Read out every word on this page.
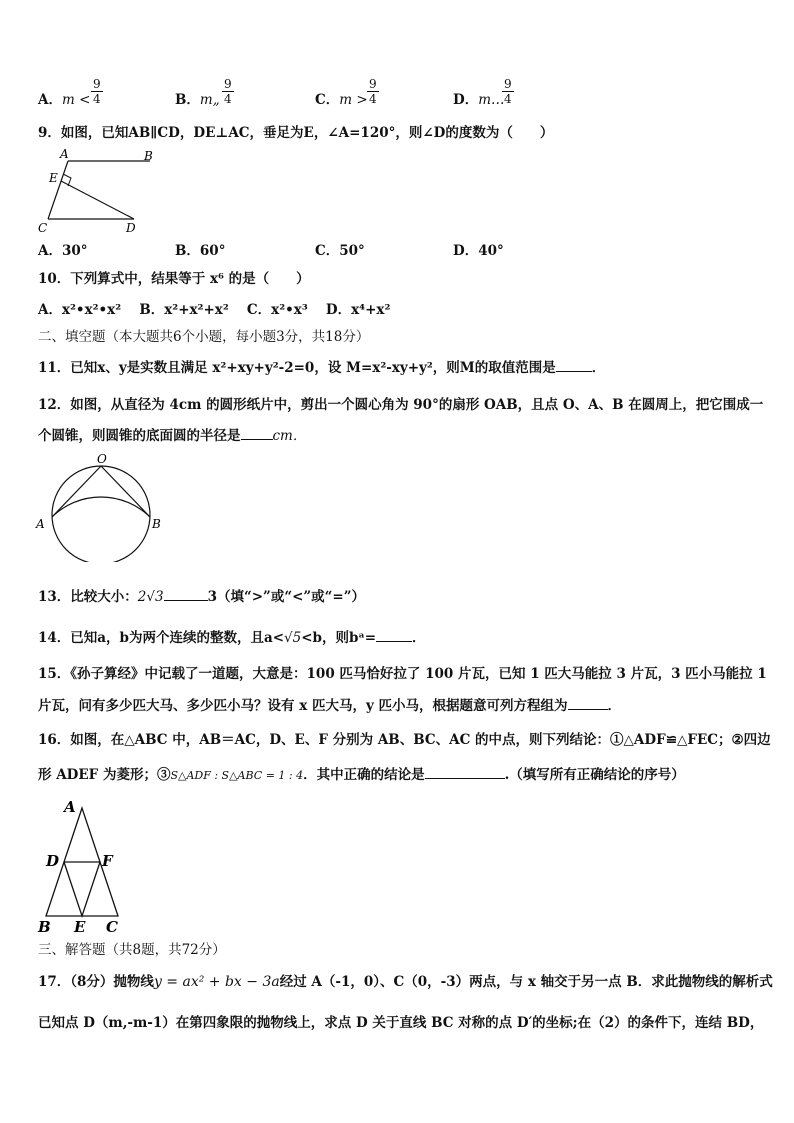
A．$m < \frac{9}{4}$	B．m„ $\frac{9}{4}$	C．$m > \frac{9}{4}$	D．m…
$\frac{9}{4}$
9．如图，已知AB∥CD，DE⊥AC，垂足为E，∠A=120°，则∠D的度数为（　　）
A	B
E
C	D
A．30°	B．60°	C．50°	D．40°
10．下列算式中，结果等于 x⁶ 的是（　　）
A．x²•x²•x²　 B．x²+x²+x²　 C．x²•x³　 D．x⁴+x²
二、填空题（本大题共6个小题，每小题3分，共18分）
11．已知x、y是实数且满足 x²+xy+y²-2=0，设 M=x²-xy+y²，则M的取值范围是	．
12．如图，从直径为 4cm 的圆形纸片中，剪出一个圆心角为 90°的扇形 OAB，且点 O、A、B 在圆周上，把它围成一
个圆锥，则圆锥的底面圆的半径是 cm．
O
A	B
13．比较大小：2√3	3（填“>”或“<”或“=”）
14．已知a，b为两个连续的整数，且a<√5<b，则bᵃ=	．
15．《孙子算经》中记载了一道题，大意是：100 匹马恰好拉了 100 片瓦，已知 1 匹大马能拉 3 片瓦，3 匹小马能拉 1
片瓦，问有多少匹大马、多少匹小马？设有 x 匹大马，y 匹小马，根据题意可列方程组为	．
16．如图，在△ABC 中，AB＝AC，D、E、F 分别为 AB、BC、AC 的中点，则下列结论：①△ADF≌△FEC；②四边
形 ADEF 为菱形；③S△ADF : S△ABC = 1 : 4．其中正确的结论是	.（填写所有正确结论的序号）
A
D	F
B E C
三、解答题（共8题，共72分）
17．（8分）抛物线y = ax² + bx − 3a经过 A（-1，0）、C（0，-3）两点，与 x 轴交于另一点 B．求此抛物线的解析式
已知点 D（m,-m-1）在第四象限的抛物线上，求点 D 关于直线 BC 对称的点 D′的坐标;在（2）的条件下，连结 BD，
